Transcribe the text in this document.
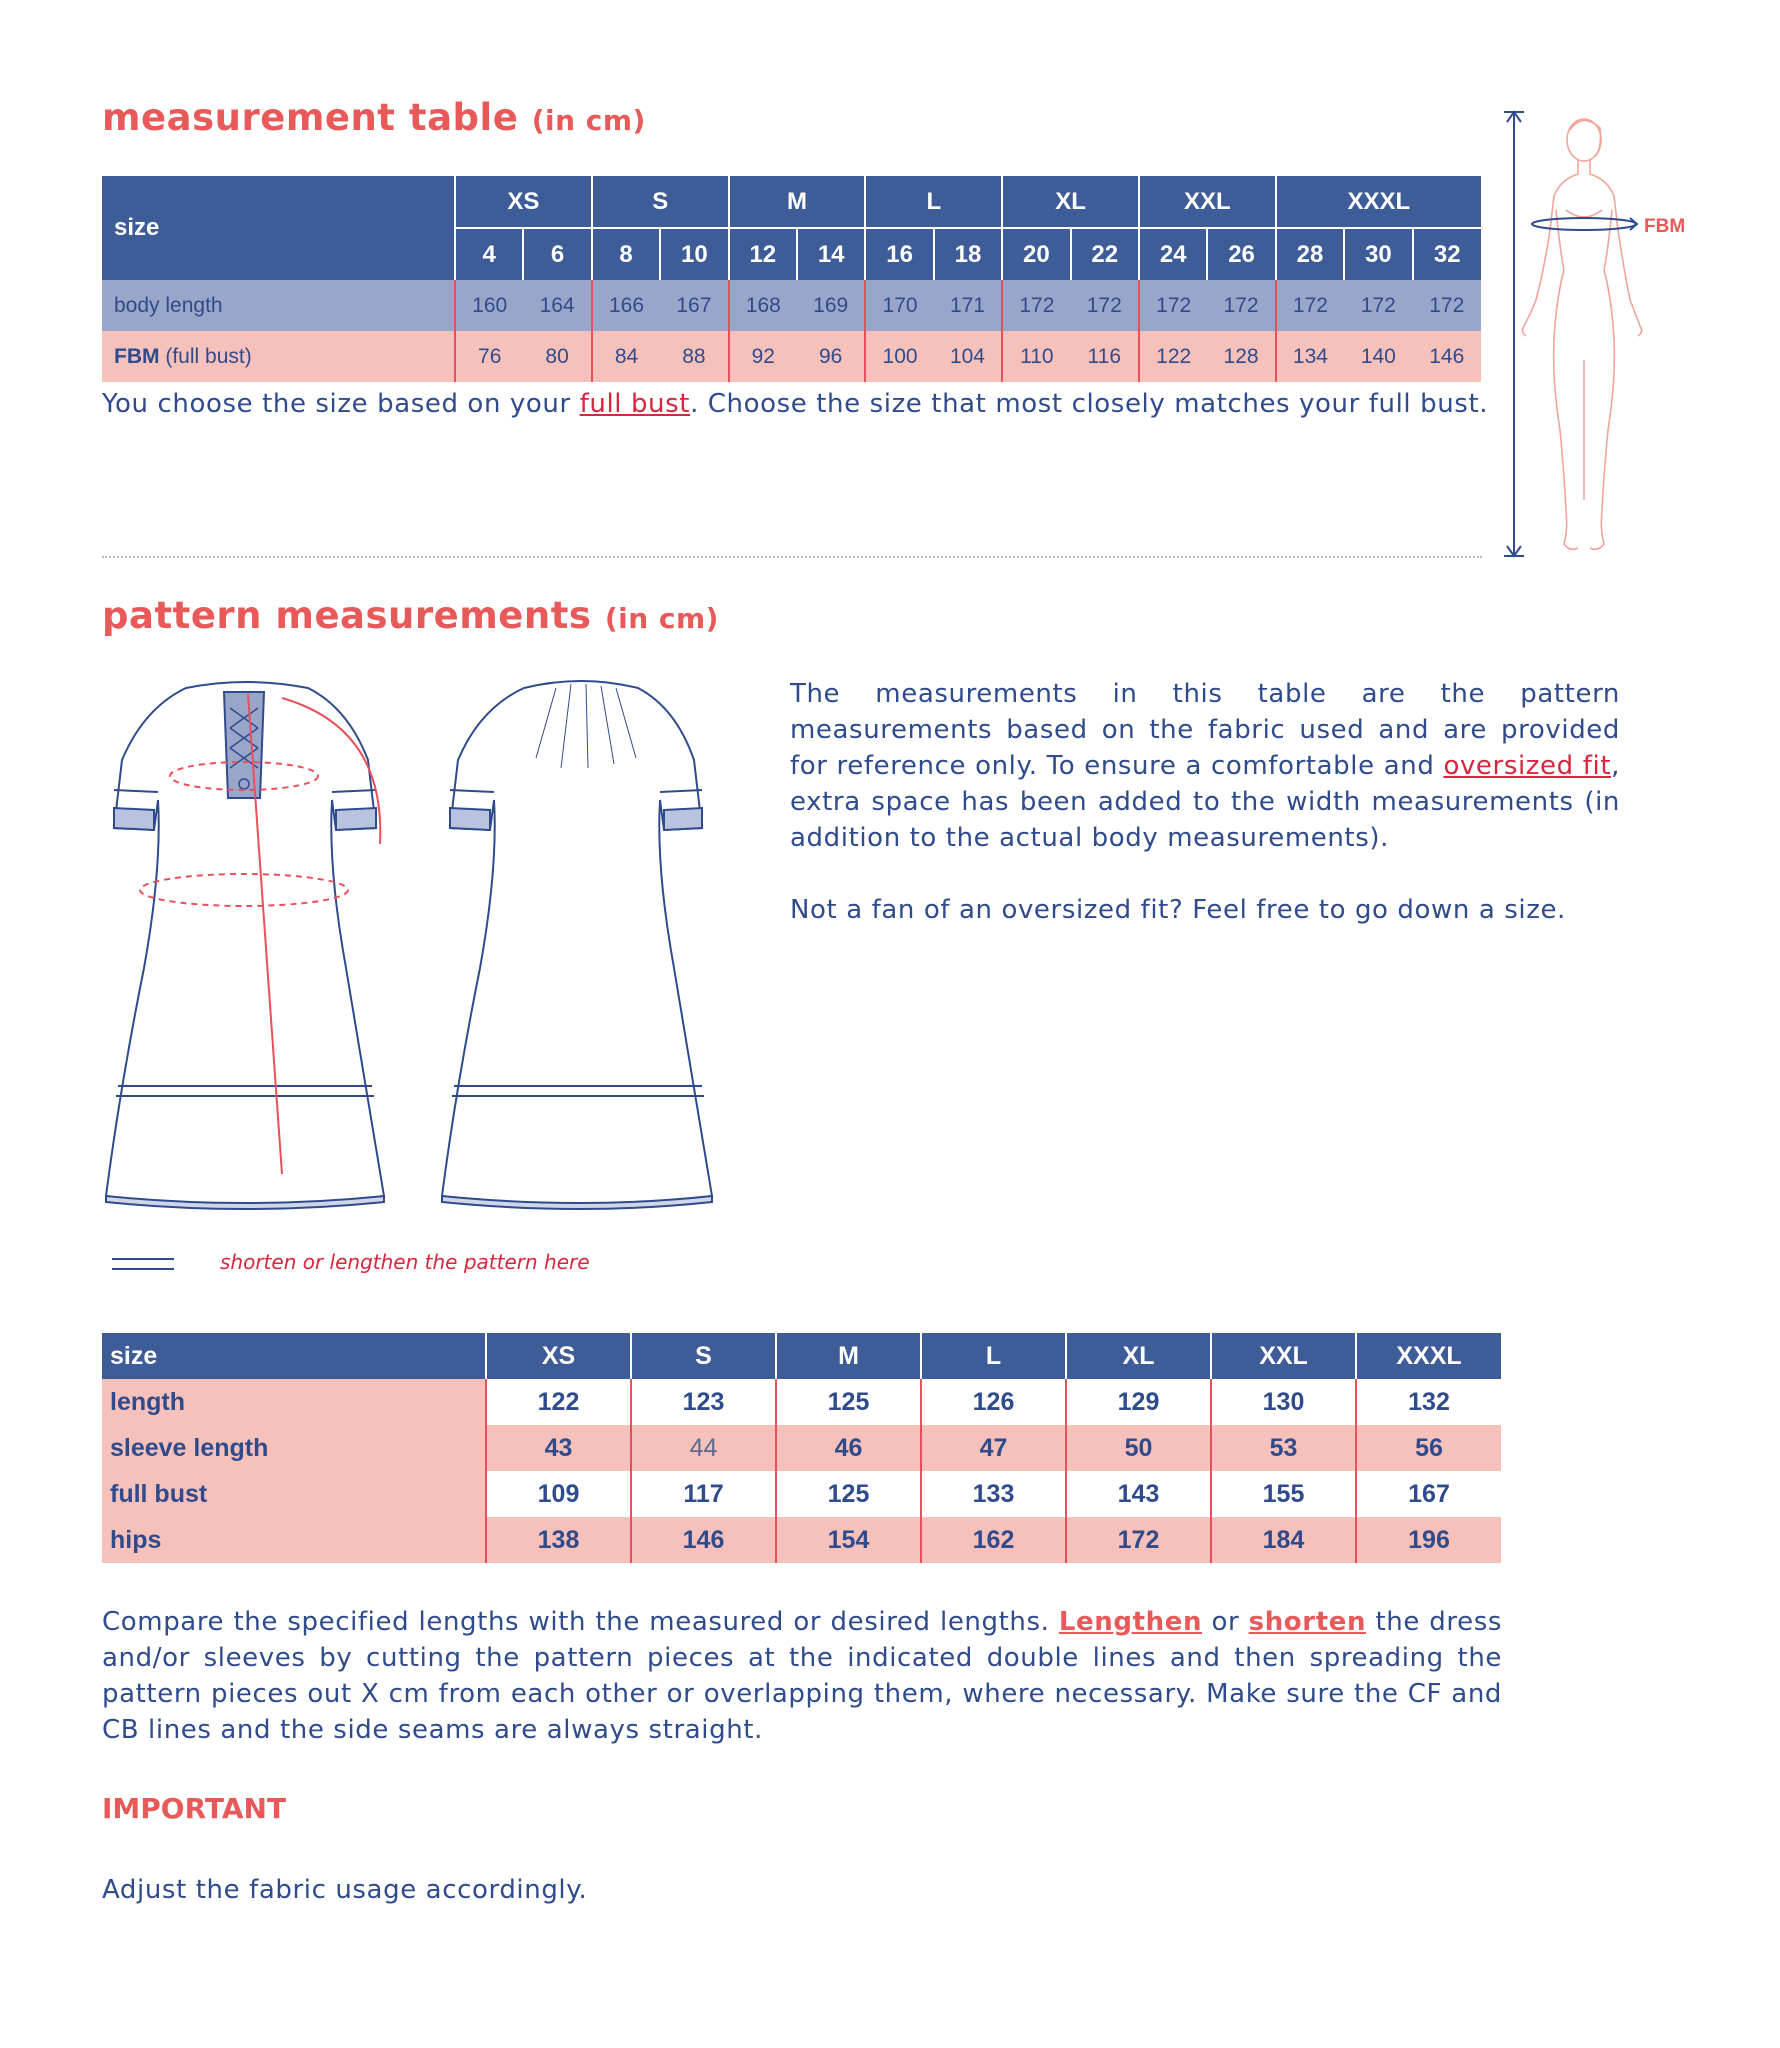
measurement table (in cm)
size	XS		S		M		L		XL		XXL		XXXL		
	4	6	8	10	12	14	16	18	20	22	24	26	28	30	32
body length	160	164	166	167	168	169	170	171	172	172	172	172	172	172	172
FBM (full bust)	76	80	84	88	92	96	100	104	110	116	122	128	134	140	146
You choose the size based on your full bust. Choose the size that most closely matches your full bust.
FBM
pattern measurements (in cm)
The measurements in this table are the pattern measurements based on the fabric used and are provided for reference only. To ensure a comfortable and oversized fit, extra space has been added to the width measurements (in addition to the actual body measurements).
Not a fan of an oversized fit? Feel free to go down a size.
shorten or lengthen the pattern here
size	XS	S	M	L	XL	XXL	XXXL
length	122	123	125	126	129	130	132
sleeve length	43	44	46	47	50	53	56
full bust	109	117	125	133	143	155	167
hips	138	146	154	162	172	184	196
Compare the specified lengths with the measured or desired lengths. Lengthen or shorten the dress and/or sleeves by cutting the pattern pieces at the indicated double lines and then spreading the pattern pieces out X cm from each other or overlapping them, where necessary. Make sure the CF and CB lines and the side seams are always straight.
IMPORTANT
Adjust the fabric usage accordingly.
